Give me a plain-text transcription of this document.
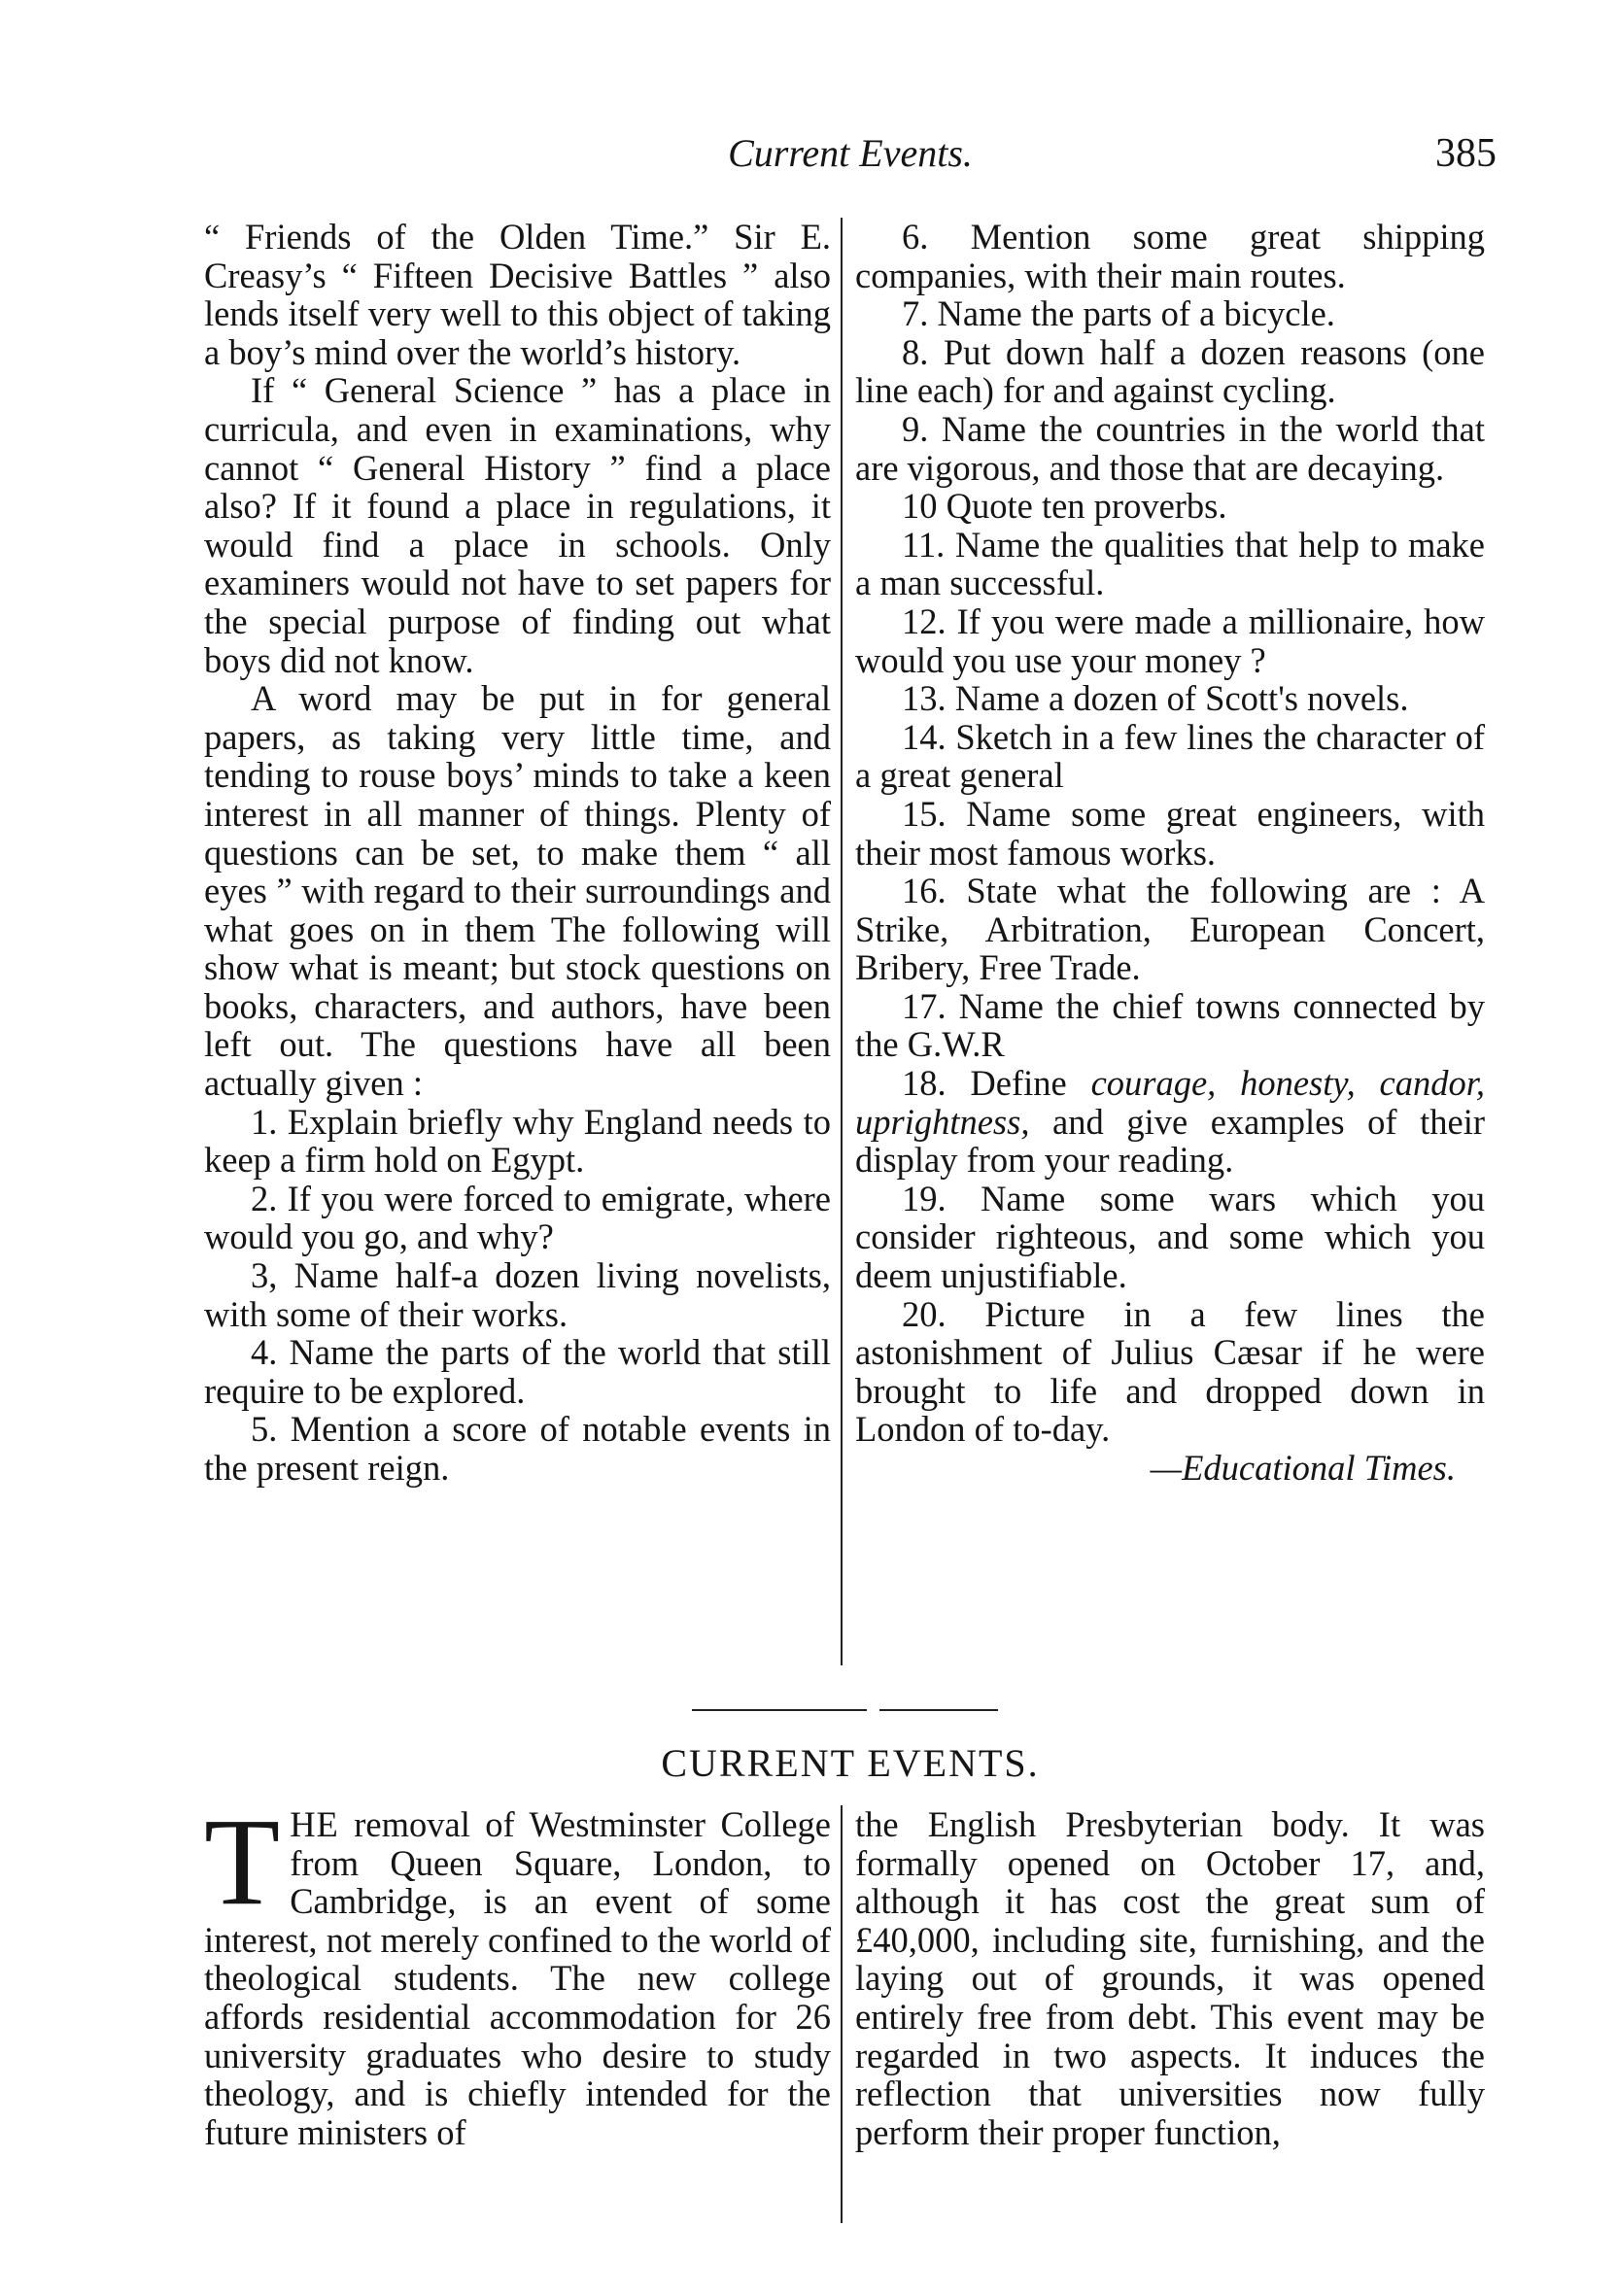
Current Events.	385

“ Friends of the Olden Time.” Sir E. Creasy’s “ Fifteen Decisive Battles ” also lends itself very well to this object of taking a boy’s mind over the world’s history.

If “ General Science ” has a place in curricula, and even in examinations, why cannot “ General History ” find a place also? If it found a place in regulations, it would find a place in schools. Only examiners would not have to set papers for the special purpose of finding out what boys did not know.

A word may be put in for general papers, as taking very little time, and tending to rouse boys’ minds to take a keen interest in all manner of things. Plenty of questions can be set, to make them “ all eyes ” with regard to their surroundings and what goes on in them The following will show what is meant; but stock questions on books, characters, and authors, have been left out. The questions have all been actually given :

1. Explain briefly why England needs to keep a firm hold on Egypt.

2. If you were forced to emigrate, where would you go, and why?

3, Name half-a dozen living novelists, with some of their works.

4. Name the parts of the world that still require to be explored.

5. Mention a score of notable events in the present reign.

6. Mention some great shipping companies, with their main routes.

7. Name the parts of a bicycle.

8. Put down half a dozen reasons (one line each) for and against cycling.

9. Name the countries in the world that are vigorous, and those that are decaying.

10 Quote ten proverbs.

11. Name the qualities that help to make a man successful.

12. If you were made a millionaire, how would you use your money ?

13. Name a dozen of Scott's novels.

14. Sketch in a few lines the character of a great general

15. Name some great engineers, with their most famous works.

16. State what the following are : A Strike, Arbitration, European Concert, Bribery, Free Trade.

17. Name the chief towns connected by the G.W.R

18. Define courage, honesty, candor, uprightness, and give examples of their display from your reading.

19. Name some wars which you consider righteous, and some which you deem unjustifiable.

20. Picture in a few lines the astonishment of Julius Cæsar if he were brought to life and dropped down in London of to-day.

—Educational Times.

CURRENT EVENTS.

THE removal of Westminster College from Queen Square, London, to Cambridge, is an event of some interest, not merely confined to the world of theological students. The new college affords residential accommodation for 26 university graduates who desire to study theology, and is chiefly intended for the future ministers of

the English Presbyterian body. It was formally opened on October 17, and, although it has cost the great sum of £40,000, including site, furnishing, and the laying out of grounds, it was opened entirely free from debt. This event may be regarded in two aspects. It induces the reflection that universities now fully perform their proper function,
